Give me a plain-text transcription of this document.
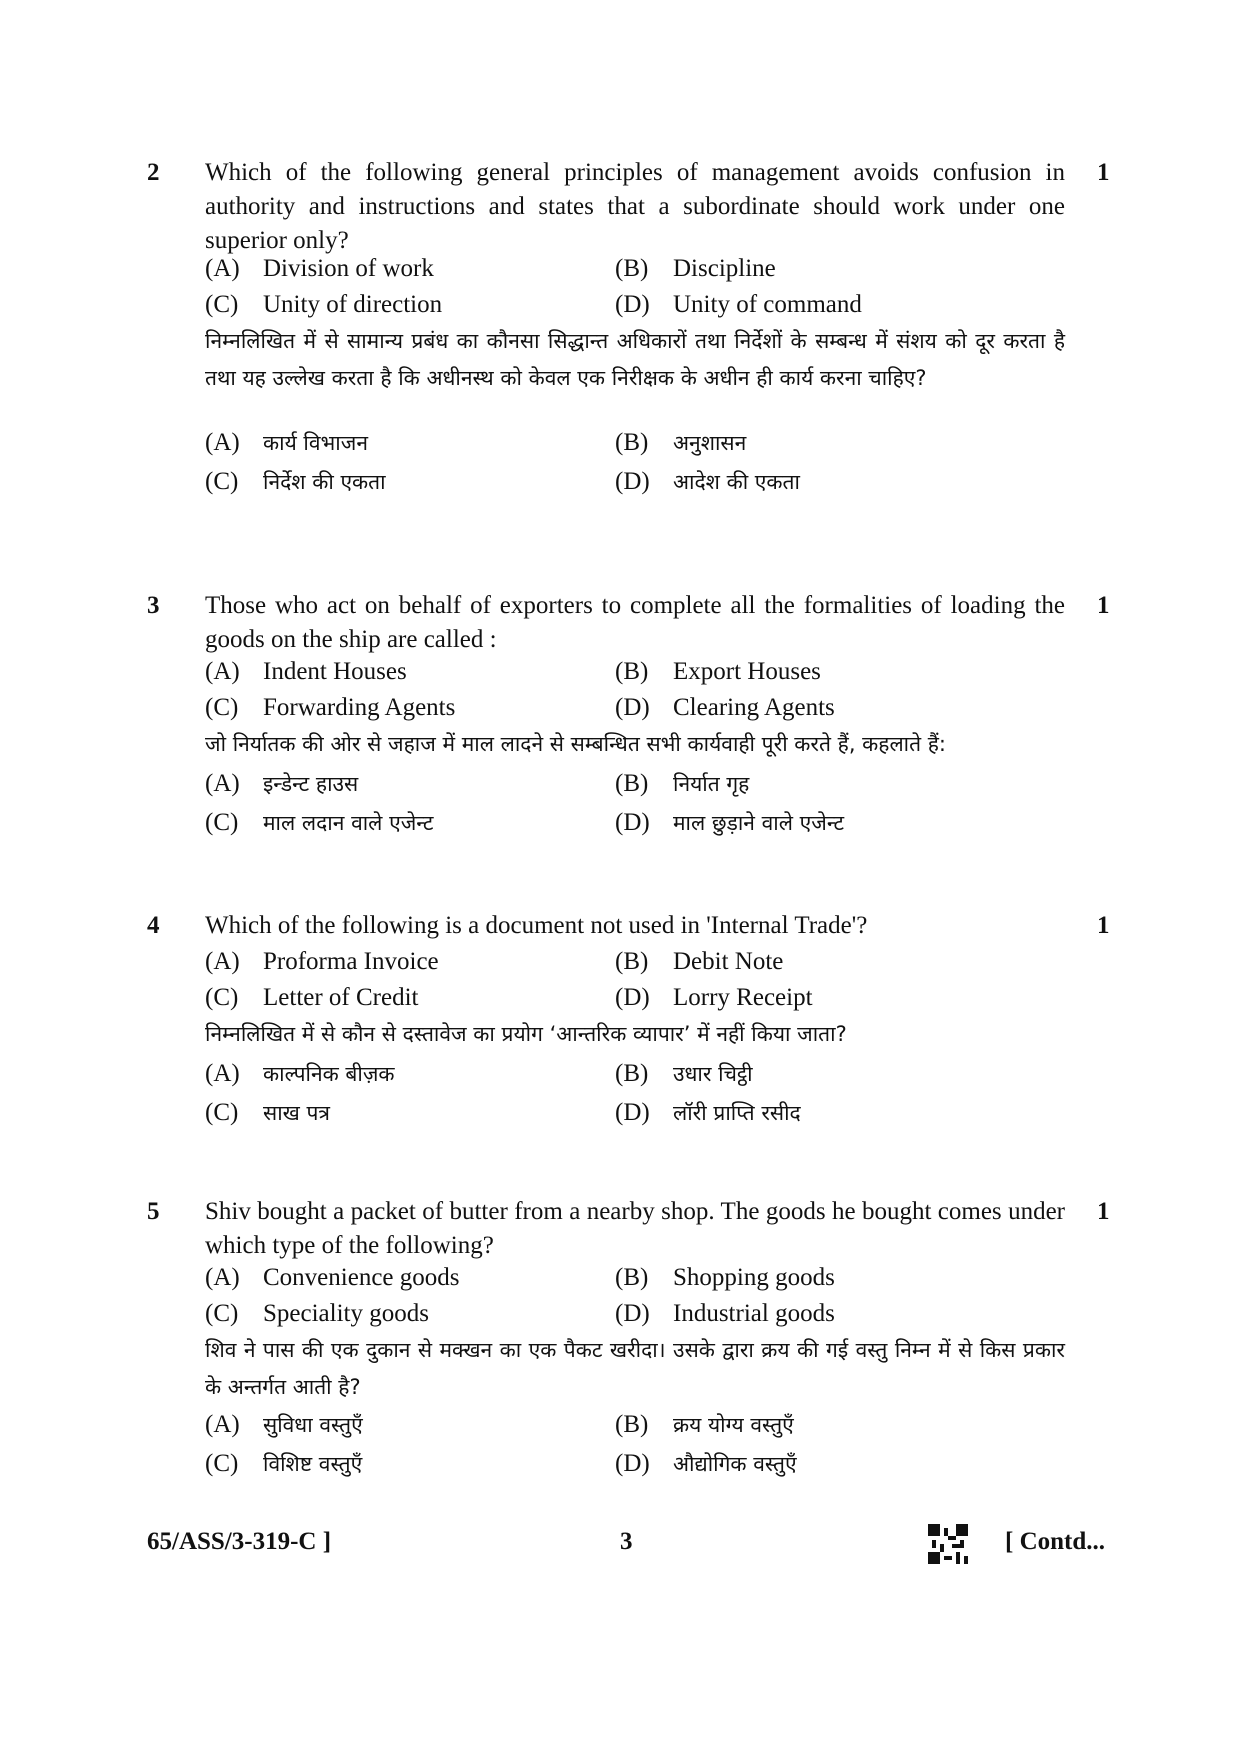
2	1
Which of the following general principles of management avoids confusion in authority and instructions and states that a subordinate should work under one superior only?
(A) Division of work	(B) Discipline
(C) Unity of direction	(D) Unity of command
निम्नलिखित में से सामान्य प्रबंध का कौनसा सिद्धान्त अधिकारों तथा निर्देशों के सम्बन्ध में संशय को दूर करता है तथा यह उल्लेख करता है कि अधीनस्थ को केवल एक निरीक्षक के अधीन ही कार्य करना चाहिए?
(A) कार्य विभाजन	(B) अनुशासन
(C) निर्देश की एकता	(D) आदेश की एकता
3	1
Those who act on behalf of exporters to complete all the formalities of loading the goods on the ship are called :
(A) Indent Houses	(B) Export Houses
(C) Forwarding Agents	(D) Clearing Agents
जो निर्यातक की ओर से जहाज में माल लादने से सम्बन्धित सभी कार्यवाही पूरी करते हैं, कहलाते हैं:
(A) इन्डेन्ट हाउस	(B) निर्यात गृह
(C) माल लदान वाले एजेन्ट	(D) माल छुड़ाने वाले एजेन्ट
4	1
Which of the following is a document not used in 'Internal Trade'?
(A) Proforma Invoice	(B) Debit Note
(C) Letter of Credit	(D) Lorry Receipt
निम्नलिखित में से कौन से दस्तावेज का प्रयोग ‘आन्तरिक व्यापार’ में नहीं किया जाता?
(A) काल्पनिक बीज़क	(B) उधार चिट्ठी
(C) साख पत्र	(D) लॉरी प्राप्ति रसीद
5	1
Shiv bought a packet of butter from a nearby shop. The goods he bought comes under which type of the following?
(A) Convenience goods	(B) Shopping goods
(C) Speciality goods	(D) Industrial goods
शिव ने पास की एक दुकान से मक्खन का एक पैकट खरीदा। उसके द्वारा क्रय की गई वस्तु निम्न में से किस प्रकार के अन्तर्गत आती है?
(A) सुविधा वस्तुएँ	(B) क्रय योग्य वस्तुएँ
(C) विशिष्ट वस्तुएँ	(D) औद्योगिक वस्तुएँ
65/ASS/3-319-C ]	3	[ Contd...
